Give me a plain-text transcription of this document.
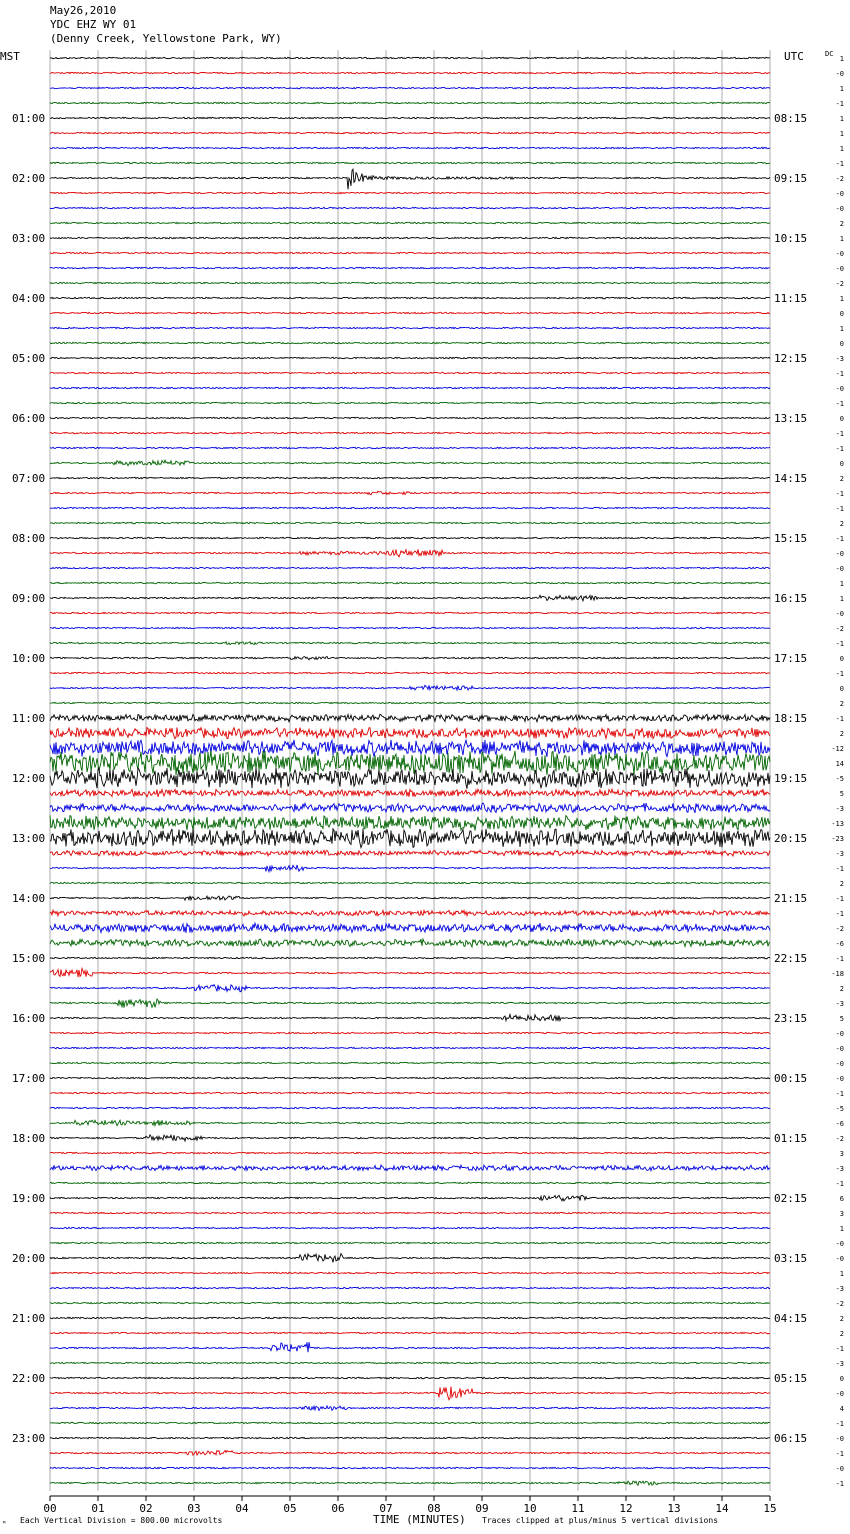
May26,2010
YDC EHZ WY 01
(Denny Creek, Yellowstone Park, WY)
01:00
02:00
03:00
04:00
05:00
06:00
07:00
08:00
09:00
10:00
11:00
12:00
13:00
14:00
15:00
16:00
17:00
18:00
19:00
20:00
21:00
22:00
23:00
08:15
09:15
10:15
11:15
12:15
13:15
14:15
15:15
16:15
17:15
18:15
19:15
20:15
21:15
22:15
23:15
00:15
01:15
02:15
03:15
04:15
05:15
06:15
1
-0
1
-1
1
1
1
-1
-2
-0
-0
2
1
-0
-0
-2
1
0
1
0
-3
-1
-0
-1
0
-1
-1
0
2
-1
-1
2
-1
-0
-0
1
1
-0
-2
-1
0
-1
0
2
-1
2
-12
14
-5
5
-3
-13
-23
-3
-1
2
-1
-1
-2
-6
-1
-18
2
-3
5
-0
-0
-0
-0
-1
-5
-6
-2
3
-3
-1
6
3
1
-0
-0
1
-3
-2
2
2
-1
-3
0
-0
4
-1
-0
-1
-0
-1
00	01	02	03	04	05	06	07	08	09	10	11	12	13	14	15
MST	UTC	DC
ᴹ Each Vertical Division = 800.00 microvolts	TIME (MINUTES) Traces clipped at plus/minus 5 vertical divisions
